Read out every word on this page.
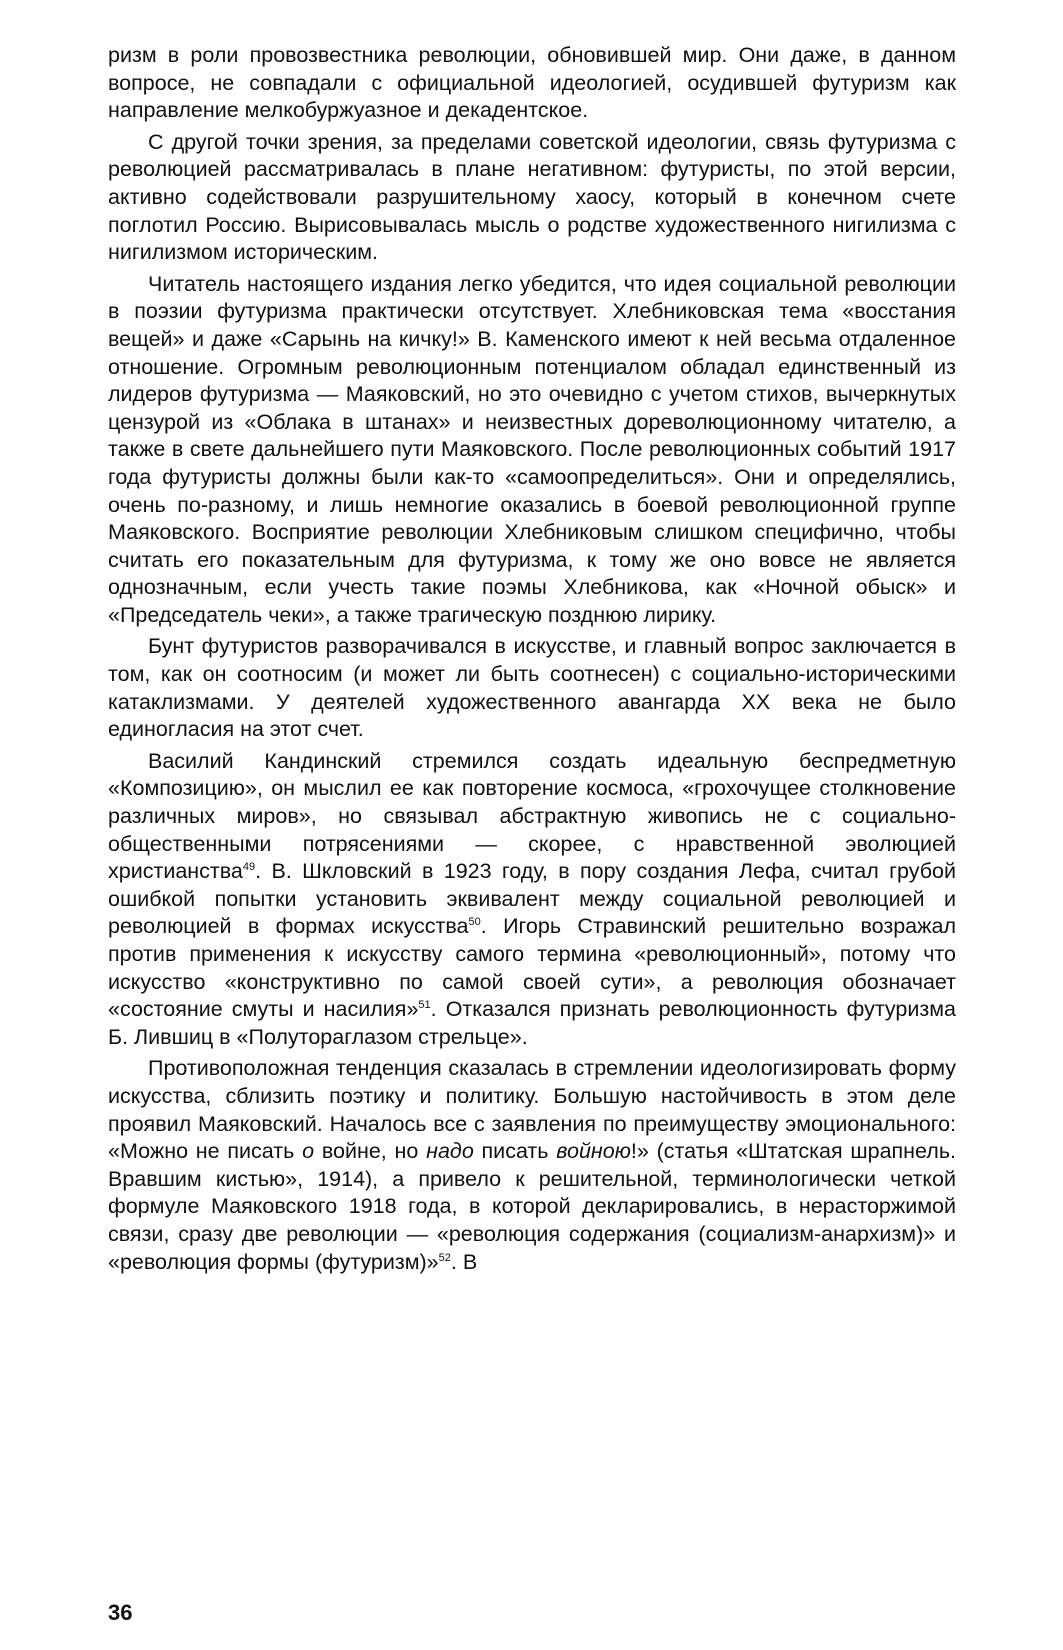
ризм в роли провозвестника революции, обновившей мир. Они даже, в данном вопросе, не совпадали с официальной идеологией, осудившей футуризм как направление мелкобуржуазное и декадентское.

С другой точки зрения, за пределами советской идеологии, связь футуризма с революцией рассматривалась в плане негативном: футуристы, по этой версии, активно содействовали разрушительному хаосу, который в конечном счете поглотил Россию. Вырисовывалась мысль о родстве художественного нигилизма с нигилизмом историческим.

Читатель настоящего издания легко убедится, что идея социальной революции в поэзии футуризма практически отсутствует. Хлебниковская тема «восстания вещей» и даже «Сарынь на кичку!» В. Каменского имеют к ней весьма отдаленное отношение. Огромным революционным потенциалом обладал единственный из лидеров футуризма — Маяковский, но это очевидно с учетом стихов, вычеркнутых цензурой из «Облака в штанах» и неизвестных дореволюционному читателю, а также в свете дальнейшего пути Маяковского. После революционных событий 1917 года футуристы должны были как-то «самоопределиться». Они и определялись, очень по-разному, и лишь немногие оказались в боевой революционной группе Маяковского. Восприятие революции Хлебниковым слишком специфично, чтобы считать его показательным для футуризма, к тому же оно вовсе не является однозначным, если учесть такие поэмы Хлебникова, как «Ночной обыск» и «Председатель чеки», а также трагическую позднюю лирику.

Бунт футуристов разворачивался в искусстве, и главный вопрос заключается в том, как он соотносим (и может ли быть соотнесен) с социально-историческими катаклизмами. У деятелей художественного авангарда XX века не было единогласия на этот счет.

Василий Кандинский стремился создать идеальную беспредметную «Композицию», он мыслил ее как повторение космоса, «грохочущее столкновение различных миров», но связывал абстрактную живопись не с социально-общественными потрясениями — скорее, с нравственной эволюцией христианства$^{49}$. В. Шкловский в 1923 году, в пору создания Лефа, считал грубой ошибкой попытки установить эквивалент между социальной революцией и революцией в формах искусства$^{50}$. Игорь Стравинский решительно возражал против применения к искусству самого термина «революционный», потому что искусство «конструктивно по самой своей сути», а революция обозначает «состояние смуты и насилия»$^{51}$. Отказался признать революционность футуризма Б. Лившиц в «Полутораглазом стрельце».

Противоположная тенденция сказалась в стремлении идеологизировать форму искусства, сблизить поэтику и политику. Большую настойчивость в этом деле проявил Маяковский. Началось все с заявления по преимуществу эмоционального: «Можно не писать о войне, но надо писать войною!» (статья «Штатская шрапнель. Вравшим кистью», 1914), а привело к решительной, терминологически четкой формуле Маяковского 1918 года, в которой декларировались, в нерасторжимой связи, сразу две революции — «революция содержания (социализм-анархизм)» и «революция формы (футуризм)»$^{52}$. В

36
